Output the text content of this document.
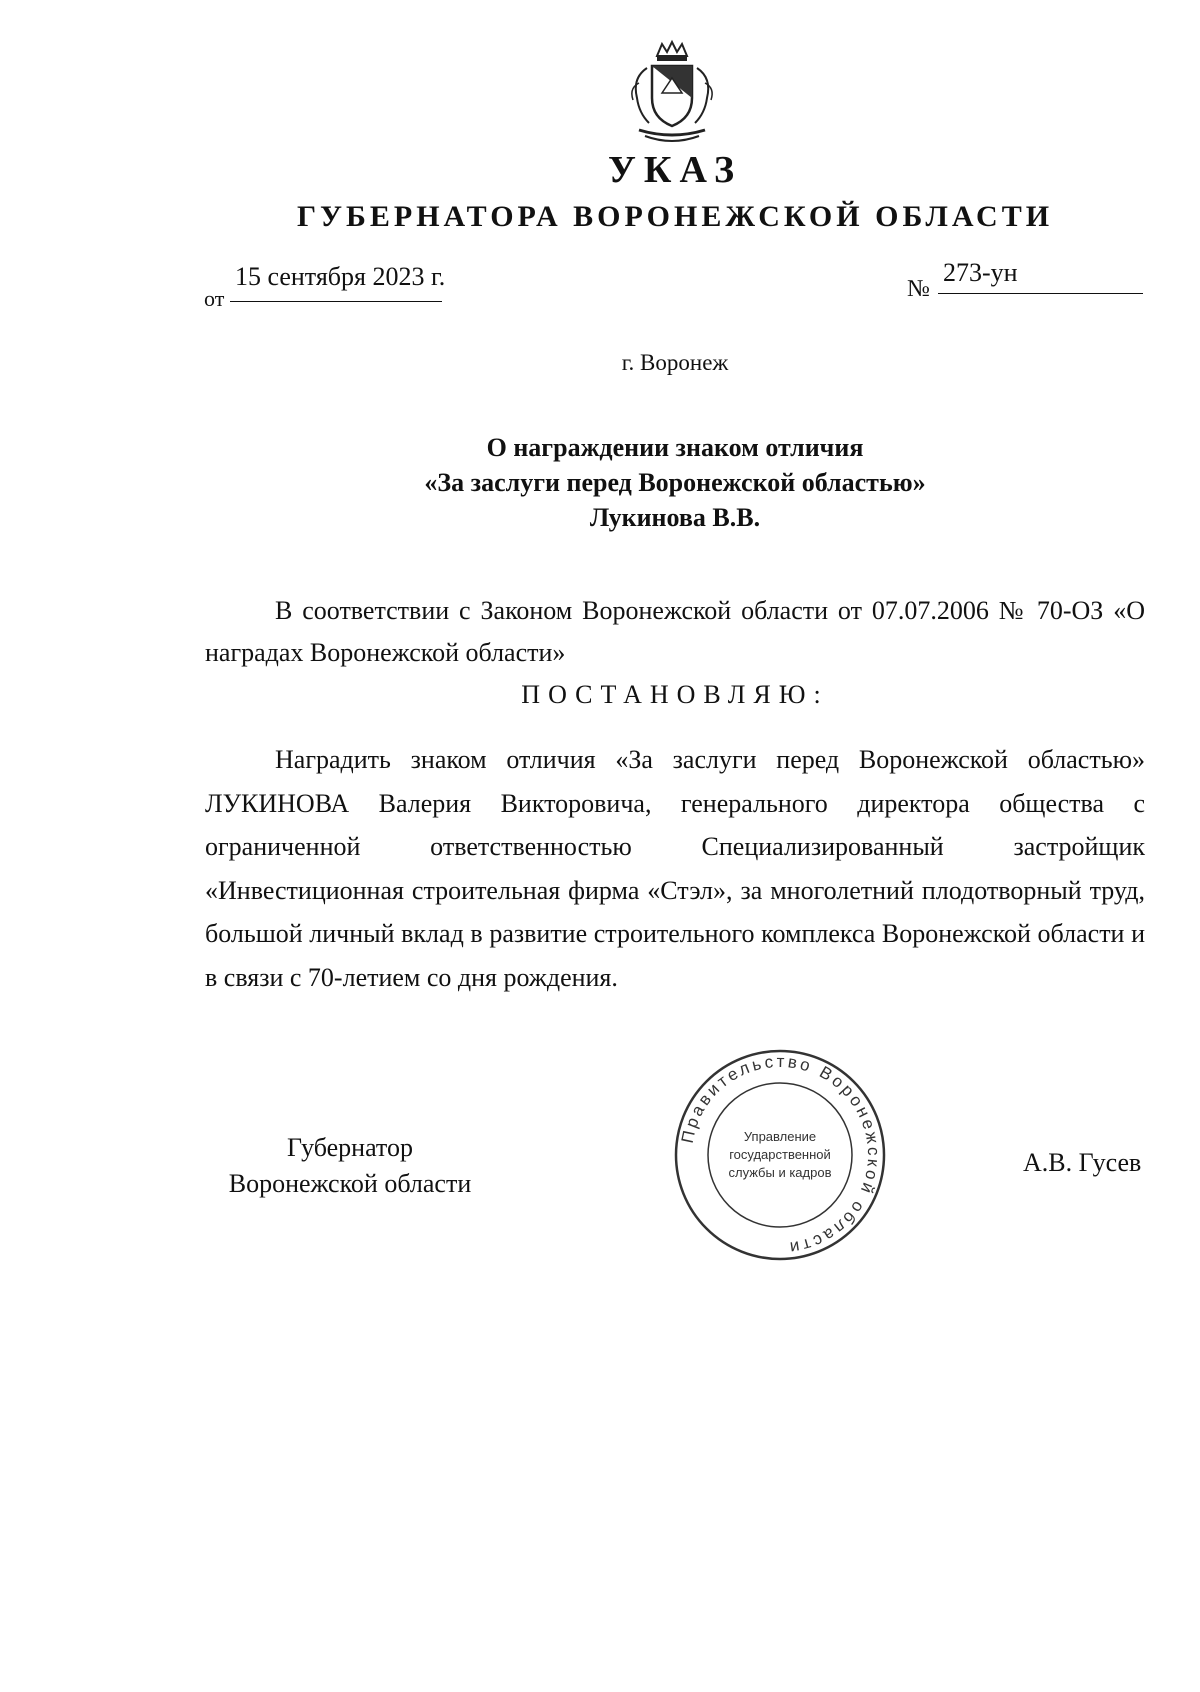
УКАЗ
ГУБЕРНАТОРА ВОРОНЕЖСКОЙ ОБЛАСТИ
от
15 сентября 2023 г.	№
273-ун
г. Воронеж
О награждении знаком отличия
«За заслуги перед Воронежской областью»
Лукинова В.В.
В соответствии с Законом Воронежской области от 07.07.2006 № 70-ОЗ «О наградах Воронежской области»
ПОСТАНОВЛЯЮ:
Наградить знаком отличия «За заслуги перед Воронежской областью» ЛУКИНОВА Валерия Викторовича, генерального директора общества с ограниченной ответственностью Специализированный застройщик «Инвестиционная строительная фирма «Стэл», за многолетний плодотворный труд, большой личный вклад в развитие строительного комплекса Воронежской области и в связи с 70-летием со дня рождения.
Губернатор
Воронежской области
А.В. Гусев
Правительство Воронежской области
Управление
государственной
службы и кадров
